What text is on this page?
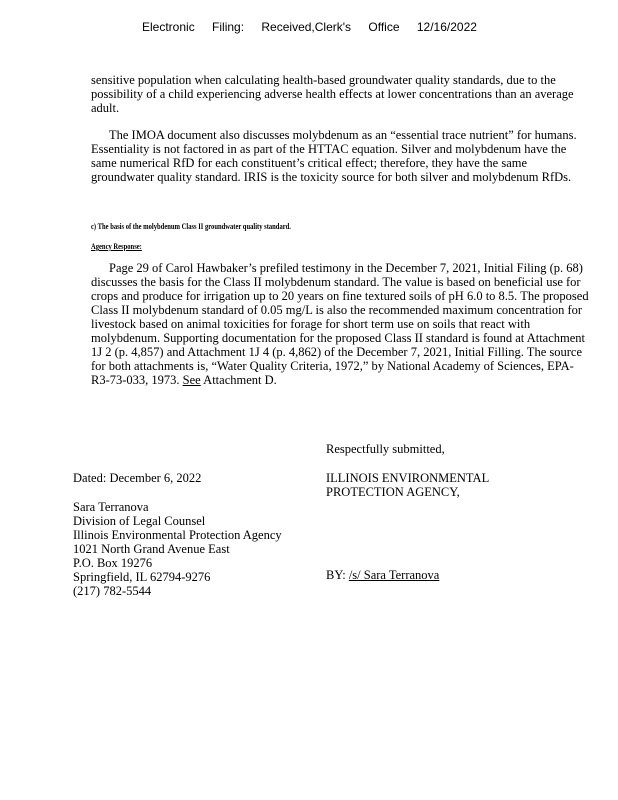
Electronic Filing: Received,Clerk's Office 12/16/2022
sensitive population when calculating health-based groundwater quality standards, due to the possibility of a child experiencing adverse health effects at lower concentrations than an average adult.
The IMOA document also discusses molybdenum as an “essential trace nutrient” for humans. Essentiality is not factored in as part of the HTTAC equation. Silver and molybdenum have the same numerical RfD for each constituent’s critical effect; therefore, they have the same groundwater quality standard. IRIS is the toxicity source for both silver and molybdenum RfDs.
c) The basis of the molybdenum Class II groundwater quality standard.
Agency Response:
Page 29 of Carol Hawbaker’s prefiled testimony in the December 7, 2021, Initial Filing (p. 68) discusses the basis for the Class II molybdenum standard. The value is based on beneficial use for crops and produce for irrigation up to 20 years on fine textured soils of pH 6.0 to 8.5. The proposed Class II molybdenum standard of 0.05 mg/L is also the recommended maximum concentration for livestock based on animal toxicities for forage for short term use on soils that react with molybdenum. Supporting documentation for the proposed Class II standard is found at Attachment 1J 2 (p. 4,857) and Attachment 1J 4 (p. 4,862) of the December 7, 2021, Initial Filling. The source for both attachments is, “Water Quality Criteria, 1972,” by National Academy of Sciences, EPA-R3-73-033, 1973. See Attachment D.
Respectfully submitted,
Dated: December 6, 2022	ILLINOIS ENVIRONMENTAL
PROTECTION AGENCY,
Sara Terranova
Division of Legal Counsel
Illinois Environmental Protection Agency
1021 North Grand Avenue East
P.O. Box 19276
Springfield, IL 62794-9276
(217) 782-5544
BY: /s/ Sara Terranova
